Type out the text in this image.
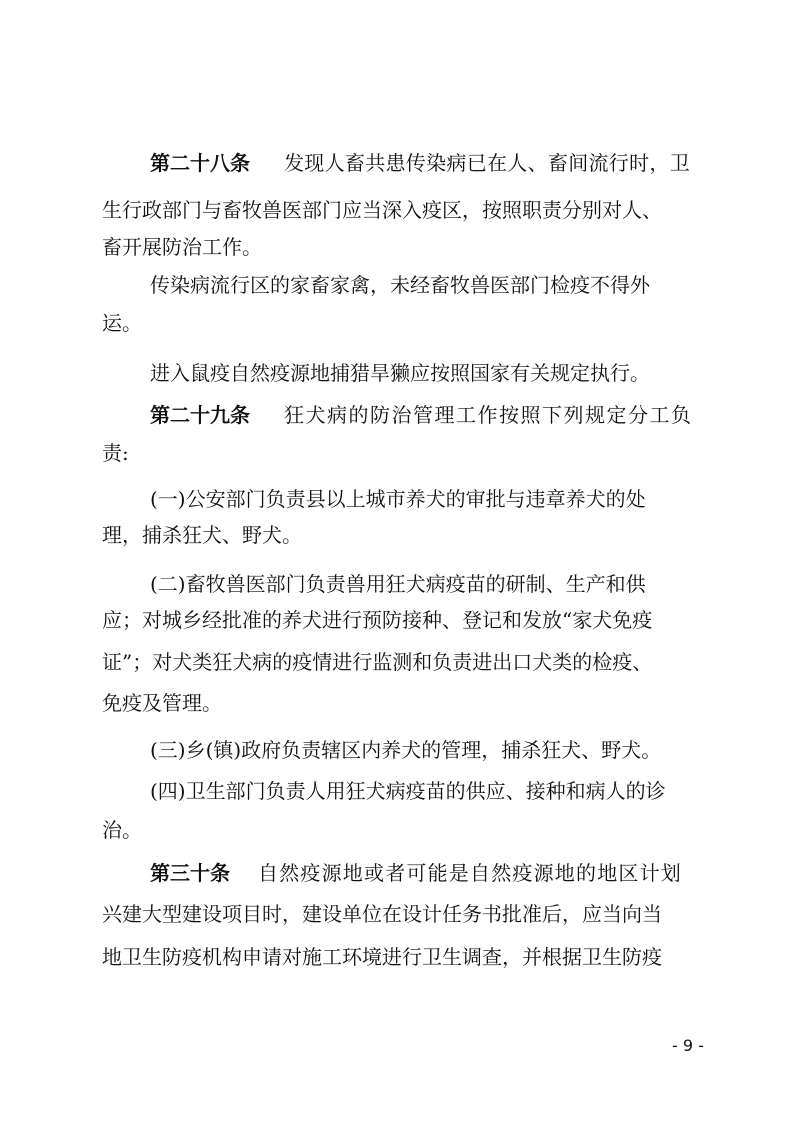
第二十八条 发现人畜共患传染病已在人、畜间流行时，卫
生行政部门与畜牧兽医部门应当深入疫区，按照职责分别对人、
畜开展防治工作。
传染病流行区的家畜家禽，未经畜牧兽医部门检疫不得外
运。
进入鼠疫自然疫源地捕猎旱獭应按照国家有关规定执行。
第二十九条 狂犬病的防治管理工作按照下列规定分工负
责:
(一)公安部门负责县以上城市养犬的审批与违章养犬的处
理，捕杀狂犬、野犬。
(二)畜牧兽医部门负责兽用狂犬病疫苗的研制、生产和供
应；对城乡经批准的养犬进行预防接种、登记和发放“家犬免疫
证”；对犬类狂犬病的疫情进行监测和负责进出口犬类的检疫、
免疫及管理。
(三)乡(镇)政府负责辖区内养犬的管理，捕杀狂犬、野犬。
(四)卫生部门负责人用狂犬病疫苗的供应、接种和病人的诊
治。
第三十条 自然疫源地或者可能是自然疫源地的地区计划
兴建大型建设项目时，建设单位在设计任务书批准后，应当向当
地卫生防疫机构申请对施工环境进行卫生调查，并根据卫生防疫
- 9 -
